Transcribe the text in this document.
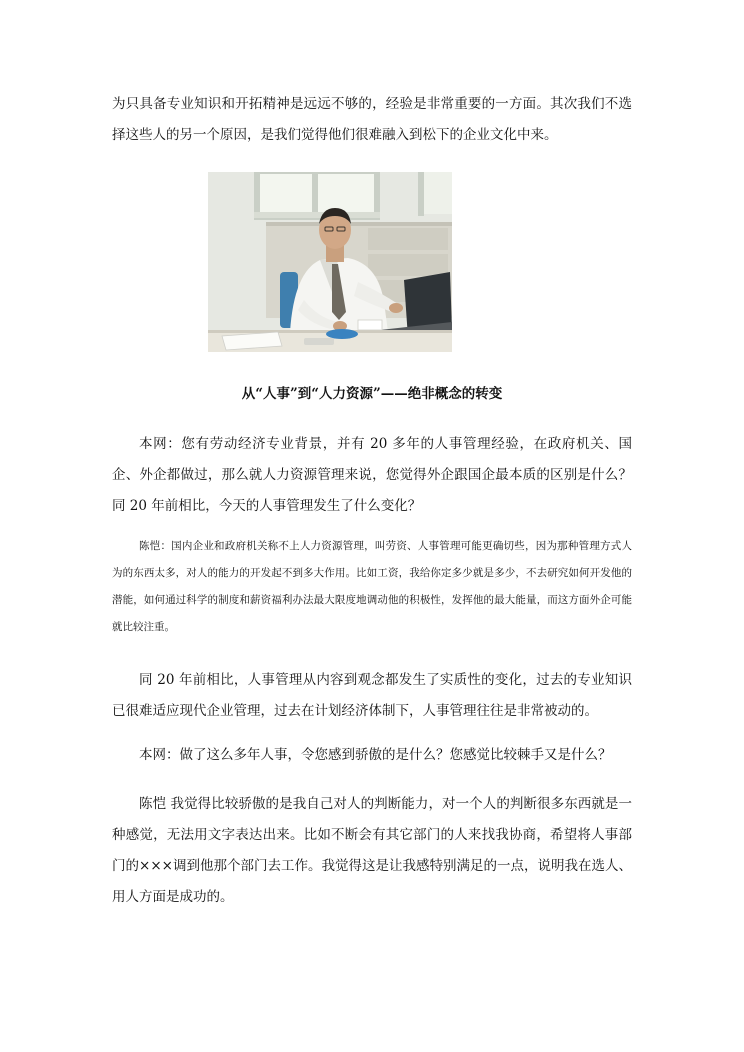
为只具备专业知识和开拓精神是远远不够的，经验是非常重要的一方面。其次我们不选择这些人的另一个原因，是我们觉得他们很难融入到松下的企业文化中来。

从“人事”到“人力资源”——绝非概念的转变

本网：您有劳动经济专业背景，并有 20 多年的人事管理经验，在政府机关、国企、外企都做过，那么就人力资源管理来说，您觉得外企跟国企最本质的区别是什么？同 20 年前相比，今天的人事管理发生了什么变化？

陈恺：国内企业和政府机关称不上人力资源管理，叫劳资、人事管理可能更确切些，因为那种管理方式人为的东西太多，对人的能力的开发起不到多大作用。比如工资，我给你定多少就是多少，不去研究如何开发他的潜能，如何通过科学的制度和薪资福利办法最大限度地调动他的积极性，发挥他的最大能量，而这方面外企可能就比较注重。

同 20 年前相比，人事管理从内容到观念都发生了实质性的变化，过去的专业知识已很难适应现代企业管理，过去在计划经济体制下，人事管理往往是非常被动的。

本网：做了这么多年人事，令您感到骄傲的是什么？您感觉比较棘手又是什么？

陈恺 我觉得比较骄傲的是我自己对人的判断能力，对一个人的判断很多东西就是一种感觉，无法用文字表达出来。比如不断会有其它部门的人来找我协商，希望将人事部门的×××调到他那个部门去工作。我觉得这是让我感特别满足的一点，说明我在选人、用人方面是成功的。
